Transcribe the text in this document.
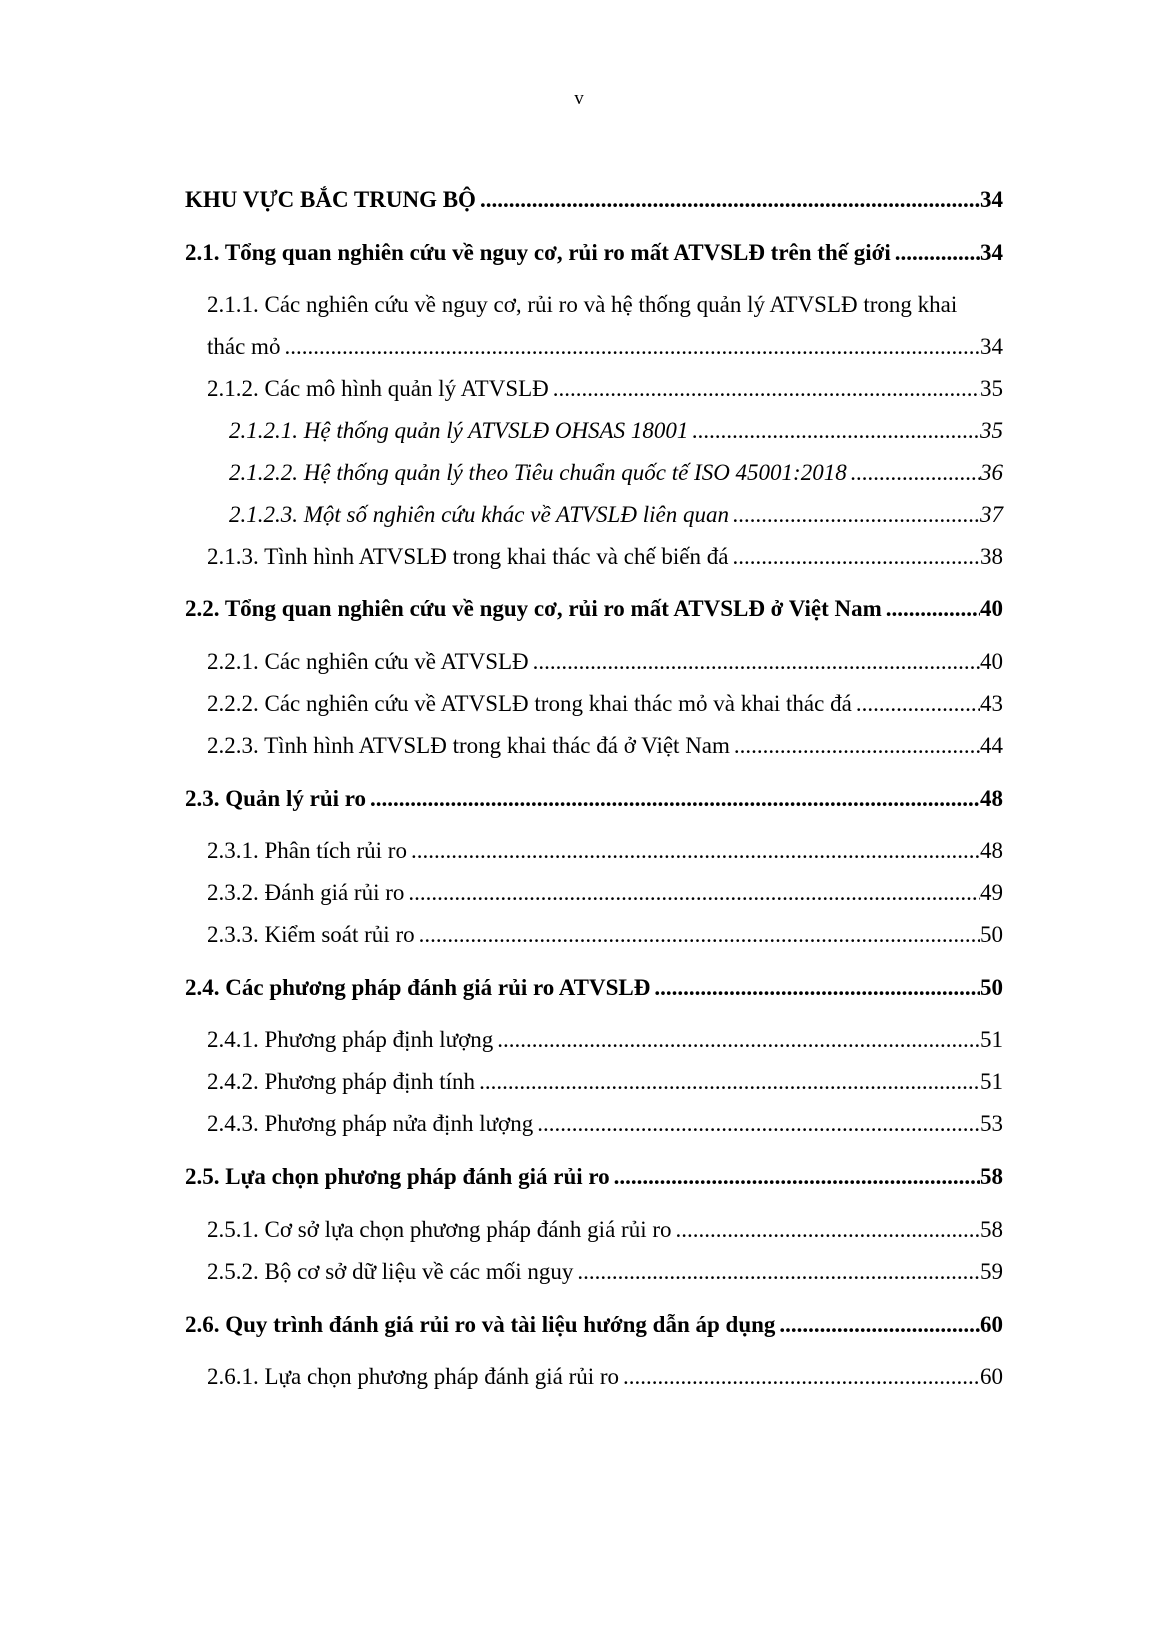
v
KHU VỰC BẮC TRUNG BỘ .....	34
2.1. Tổng quan nghiên cứu về nguy cơ, rủi ro mất ATVSLĐ trên thế giới .....	34
2.1.1. Các nghiên cứu về nguy cơ, rủi ro và hệ thống quản lý ATVSLĐ trong khai
thác mỏ .....	34
2.1.2. Các mô hình quản lý ATVSLĐ .....	35
2.1.2.1. Hệ thống quản lý ATVSLĐ OHSAS 18001 .....	35
2.1.2.2. Hệ thống quản lý theo Tiêu chuẩn quốc tế ISO 45001:2018 .....	36
2.1.2.3. Một số nghiên cứu khác về ATVSLĐ liên quan .....	37
2.1.3. Tình hình ATVSLĐ trong khai thác và chế biến đá .....	38
2.2. Tổng quan nghiên cứu về nguy cơ, rủi ro mất ATVSLĐ ở Việt Nam .....	40
2.2.1. Các nghiên cứu về ATVSLĐ .....	40
2.2.2. Các nghiên cứu về ATVSLĐ trong khai thác mỏ và khai thác đá .....	43
2.2.3. Tình hình ATVSLĐ trong khai thác đá ở Việt Nam .....	44
2.3. Quản lý rủi ro .....	48
2.3.1. Phân tích rủi ro .....	48
2.3.2. Đánh giá rủi ro .....	49
2.3.3. Kiểm soát rủi ro .....	50
2.4. Các phương pháp đánh giá rủi ro ATVSLĐ .....	50
2.4.1. Phương pháp định lượng .....	51
2.4.2. Phương pháp định tính .....	51
2.4.3. Phương pháp nửa định lượng .....	53
2.5. Lựa chọn phương pháp đánh giá rủi ro .....	58
2.5.1. Cơ sở lựa chọn phương pháp đánh giá rủi ro .....	58
2.5.2. Bộ cơ sở dữ liệu về các mối nguy .....	59
2.6. Quy trình đánh giá rủi ro và tài liệu hướng dẫn áp dụng .....	60
2.6.1. Lựa chọn phương pháp đánh giá rủi ro .....	60
